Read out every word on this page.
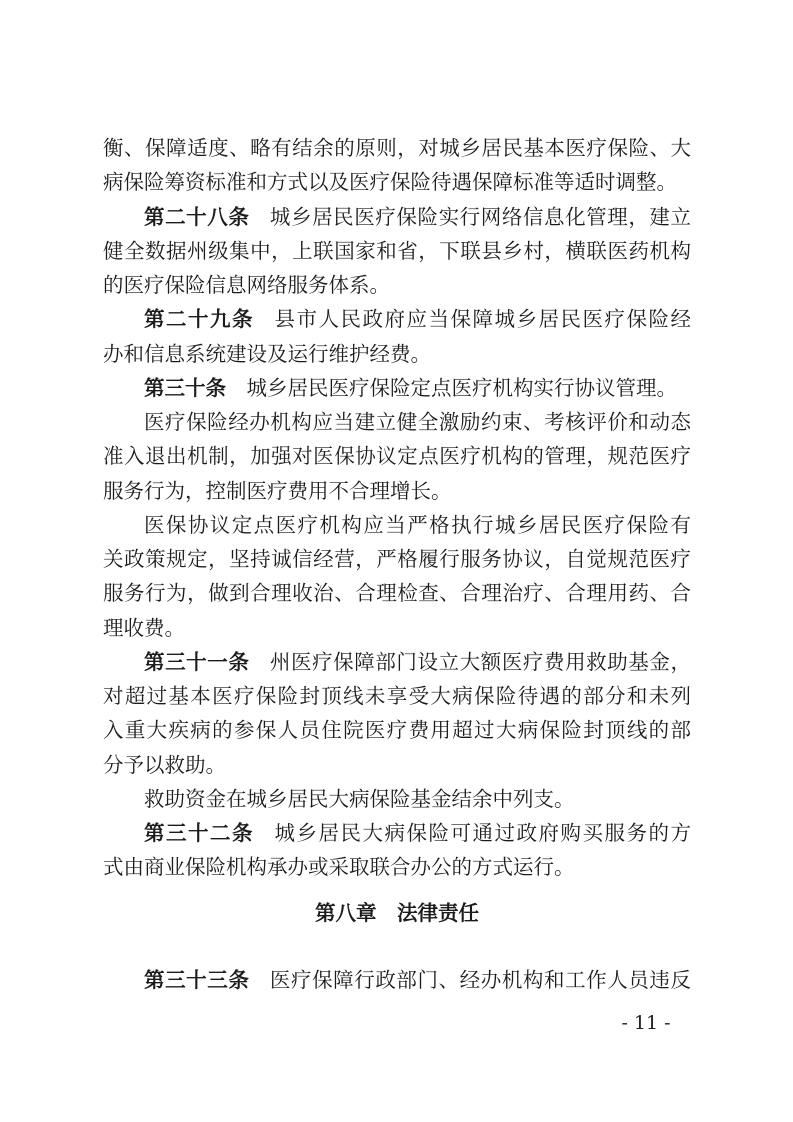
衡、保障适度、略有结余的原则，对城乡居民基本医疗保险、大
病保险筹资标准和方式以及医疗保险待遇保障标准等适时调整。
第二十八条 城乡居民医疗保险实行网络信息化管理，建立
健全数据州级集中，上联国家和省，下联县乡村，横联医药机构
的医疗保险信息网络服务体系。
第二十九条 县市人民政府应当保障城乡居民医疗保险经
办和信息系统建设及运行维护经费。
第三十条 城乡居民医疗保险定点医疗机构实行协议管理。
医疗保险经办机构应当建立健全激励约束、考核评价和动态
准入退出机制，加强对医保协议定点医疗机构的管理，规范医疗
服务行为，控制医疗费用不合理增长。
医保协议定点医疗机构应当严格执行城乡居民医疗保险有
关政策规定，坚持诚信经营，严格履行服务协议，自觉规范医疗
服务行为，做到合理收治、合理检查、合理治疗、合理用药、合
理收费。
第三十一条 州医疗保障部门设立大额医疗费用救助基金，
对超过基本医疗保险封顶线未享受大病保险待遇的部分和未列
入重大疾病的参保人员住院医疗费用超过大病保险封顶线的部
分予以救助。
救助资金在城乡居民大病保险基金结余中列支。
第三十二条 城乡居民大病保险可通过政府购买服务的方
式由商业保险机构承办或采取联合办公的方式运行。
第八章　法律责任
第三十三条 医疗保障行政部门、经办机构和工作人员违反
- 11 -
